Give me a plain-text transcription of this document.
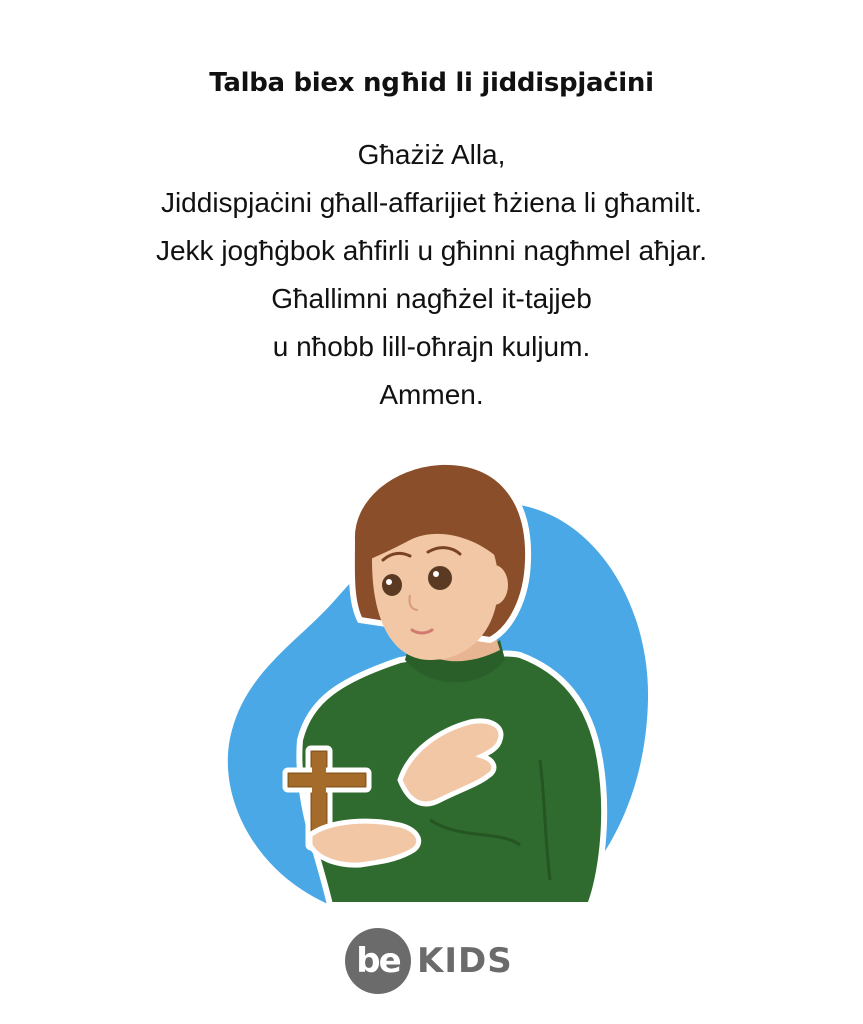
Talba biex ngħid li jiddispjaċini
Għażiż Alla,
Jiddispjaċini għall-affarijiet ħżiena li għamilt.
Jekk jogħġbok aħfirli u għinni nagħmel aħjar.
Għallimni nagħżel it-tajjeb
u nħobb lill-oħrajn kuljum.
Ammen.
be KIDS
